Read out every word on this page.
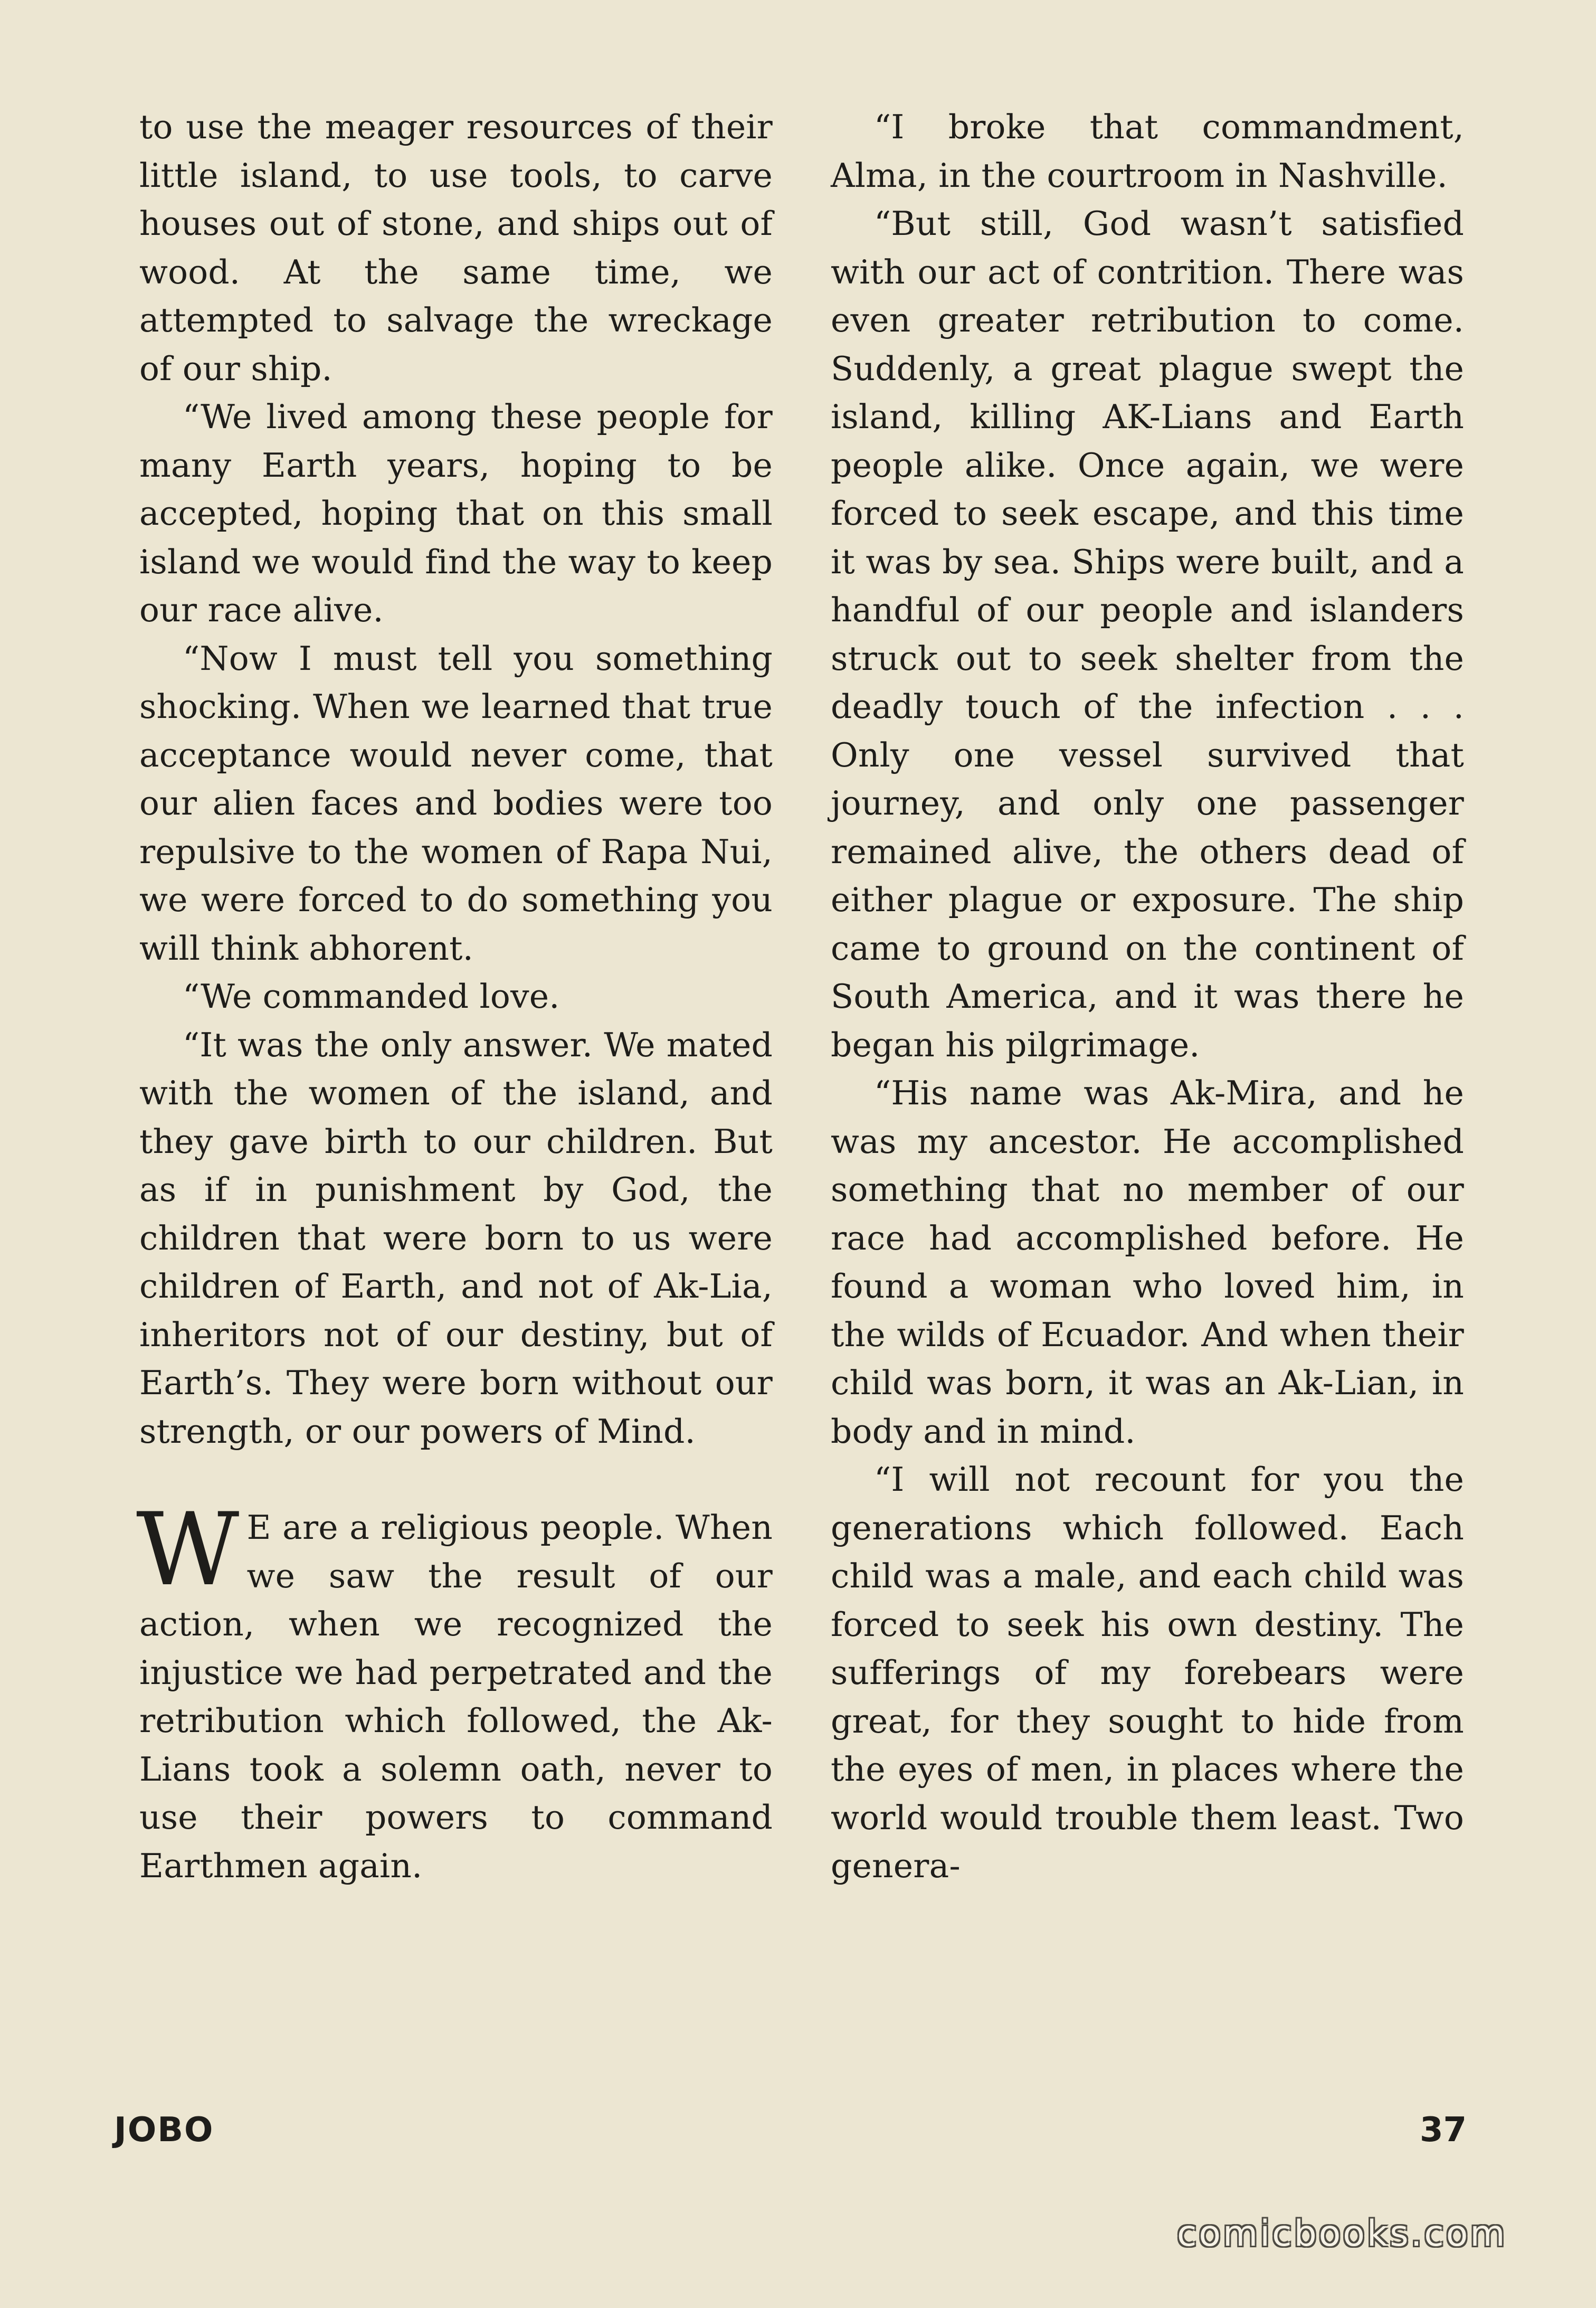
to use the meager resources of their little island, to use tools, to carve houses out of stone, and ships out of wood. At the same time, we attempted to salvage the wreckage of our ship.

“We lived among these people for many Earth years, hoping to be accepted, hoping that on this small island we would find the way to keep our race alive.

“Now I must tell you something shocking. When we learned that true acceptance would never come, that our alien faces and bodies were too repulsive to the women of Rapa Nui, we were forced to do something you will think abhorent.

“We commanded love.

“It was the only answer. We mated with the women of the island, and they gave birth to our children. But as if in punishment by God, the children that were born to us were children of Earth, and not of Ak-Lia, inheritors not of our destiny, but of Earth’s. They were born without our strength, or our powers of Mind.

W E are a religious people. When we saw the result of our action, when we recognized the injustice we had perpetrated and the retribution which followed, the Ak-Lians took a solemn oath, never to use their powers to command Earthmen again.

“I broke that commandment, Alma, in the courtroom in Nashville.

“But still, God wasn’t satisfied with our act of contrition. There was even greater retribution to come. Suddenly, a great plague swept the island, killing AK-Lians and Earth people alike. Once again, we were forced to seek escape, and this time it was by sea. Ships were built, and a handful of our people and islanders struck out to seek shelter from the deadly touch of the infection . . . Only one vessel survived that journey, and only one passenger remained alive, the others dead of either plague or exposure. The ship came to ground on the continent of South America, and it was there he began his pilgrimage.

“His name was Ak-Mira, and he was my ancestor. He accomplished something that no member of our race had accomplished before. He found a woman who loved him, in the wilds of Ecuador. And when their child was born, it was an Ak-Lian, in body and in mind.

“I will not recount for you the generations which followed. Each child was a male, and each child was forced to seek his own destiny. The sufferings of my forebears were great, for they sought to hide from the eyes of men, in places where the world would trouble them least. Two genera-

JOBO	37
comicbooks.com
